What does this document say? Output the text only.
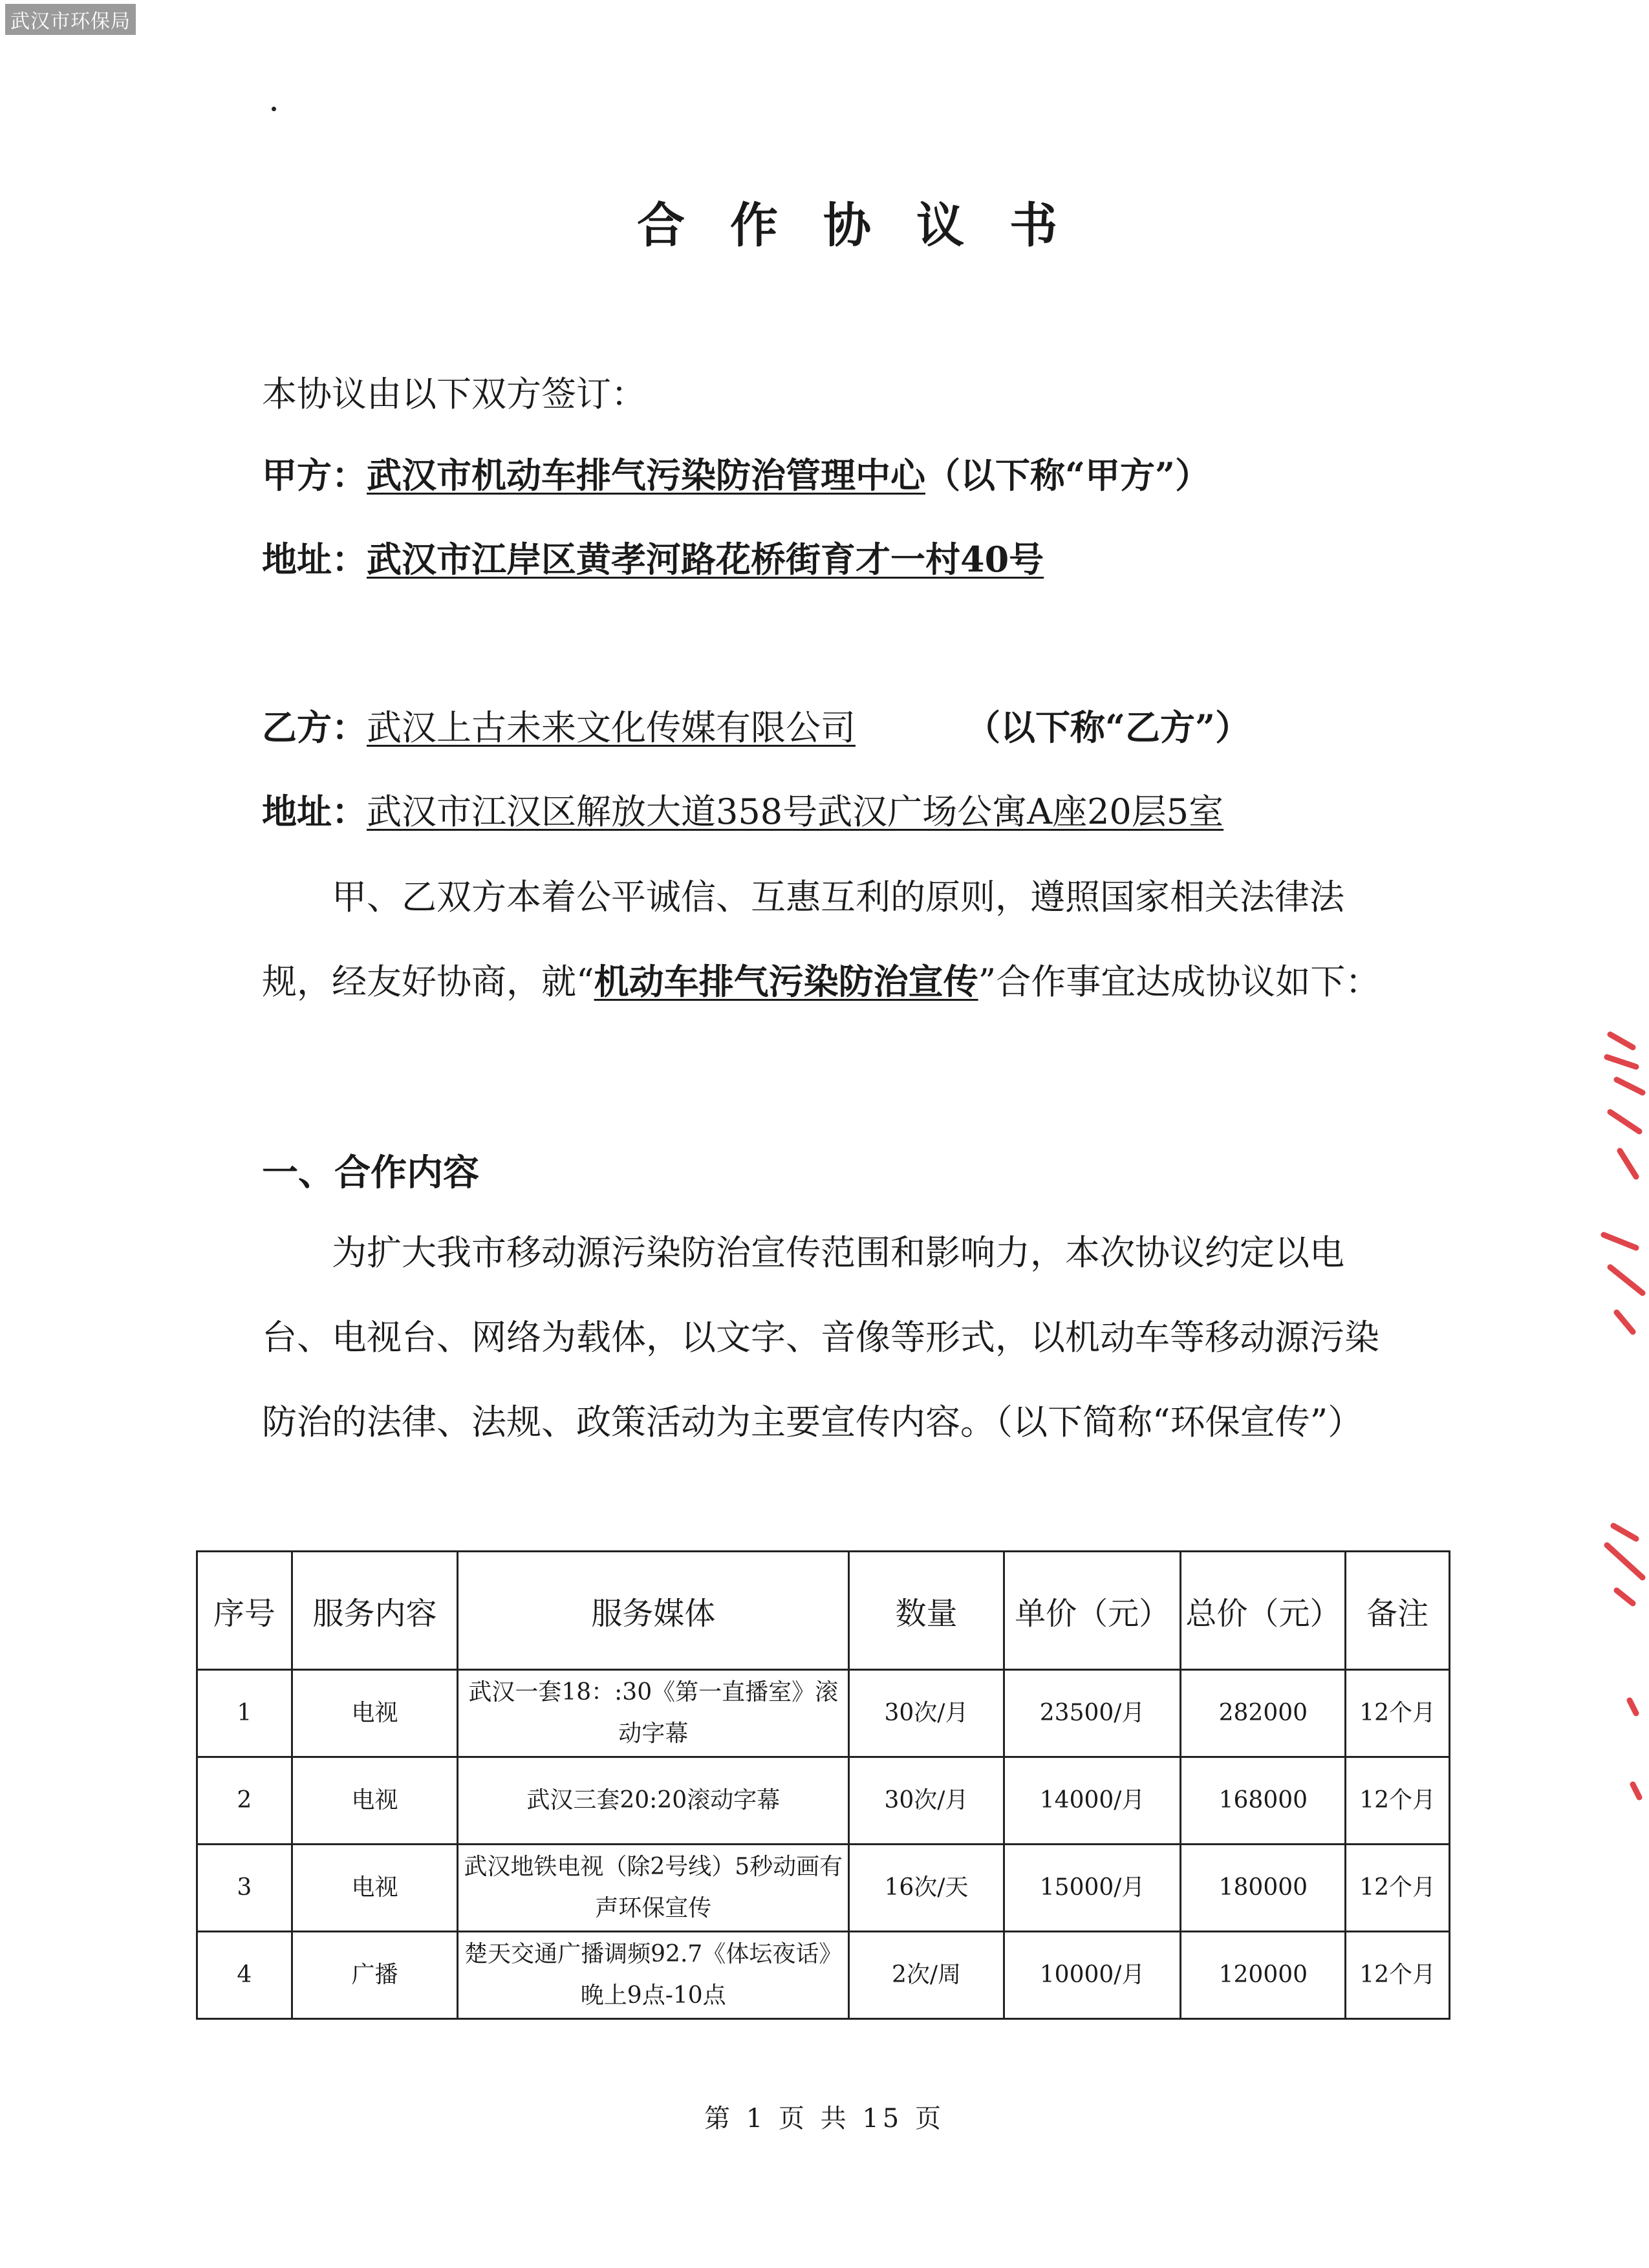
武汉市环保局
合作协议书
本协议由以下双方签订：
甲方：武汉市机动车排气污染防治管理中心（以下称“甲方”）
地址：武汉市江岸区黄孝河路花桥街育才一村40号
乙方：武汉上古未来文化传媒有限公司	（以下称“乙方”）
地址：武汉市江汉区解放大道358号武汉广场公寓A座20层5室

甲、乙双方本着公平诚信、互惠互利的原则，遵照国家相关法律法规，经友好协商，就“机动车排气污染防治宣传”合作事宜达成协议如下：

一、合作内容

为扩大我市移动源污染防治宣传范围和影响力，本次协议约定以电台、电视台、网络为载体，以文字、音像等形式，以机动车等移动源污染防治的法律、法规、政策活动为主要宣传内容。（以下简称“环保宣传”）

序号	服务内容	服务媒体	数量	单价（元）	总价（元）	备注
1	电视	武汉一套18：:30《第一直播室》滚动字幕	30次/月	23500/月	282000	12个月
2	电视	武汉三套20:20滚动字幕	30次/月	14000/月	168000	12个月
3	电视	武汉地铁电视（除2号线）5秒动画有声环保宣传	16次/天	15000/月	180000	12个月
4	广播	楚天交通广播调频92.7《体坛夜话》晚上9点-10点	2次/周	10000/月	120000	12个月
第 1 页 共 15 页
